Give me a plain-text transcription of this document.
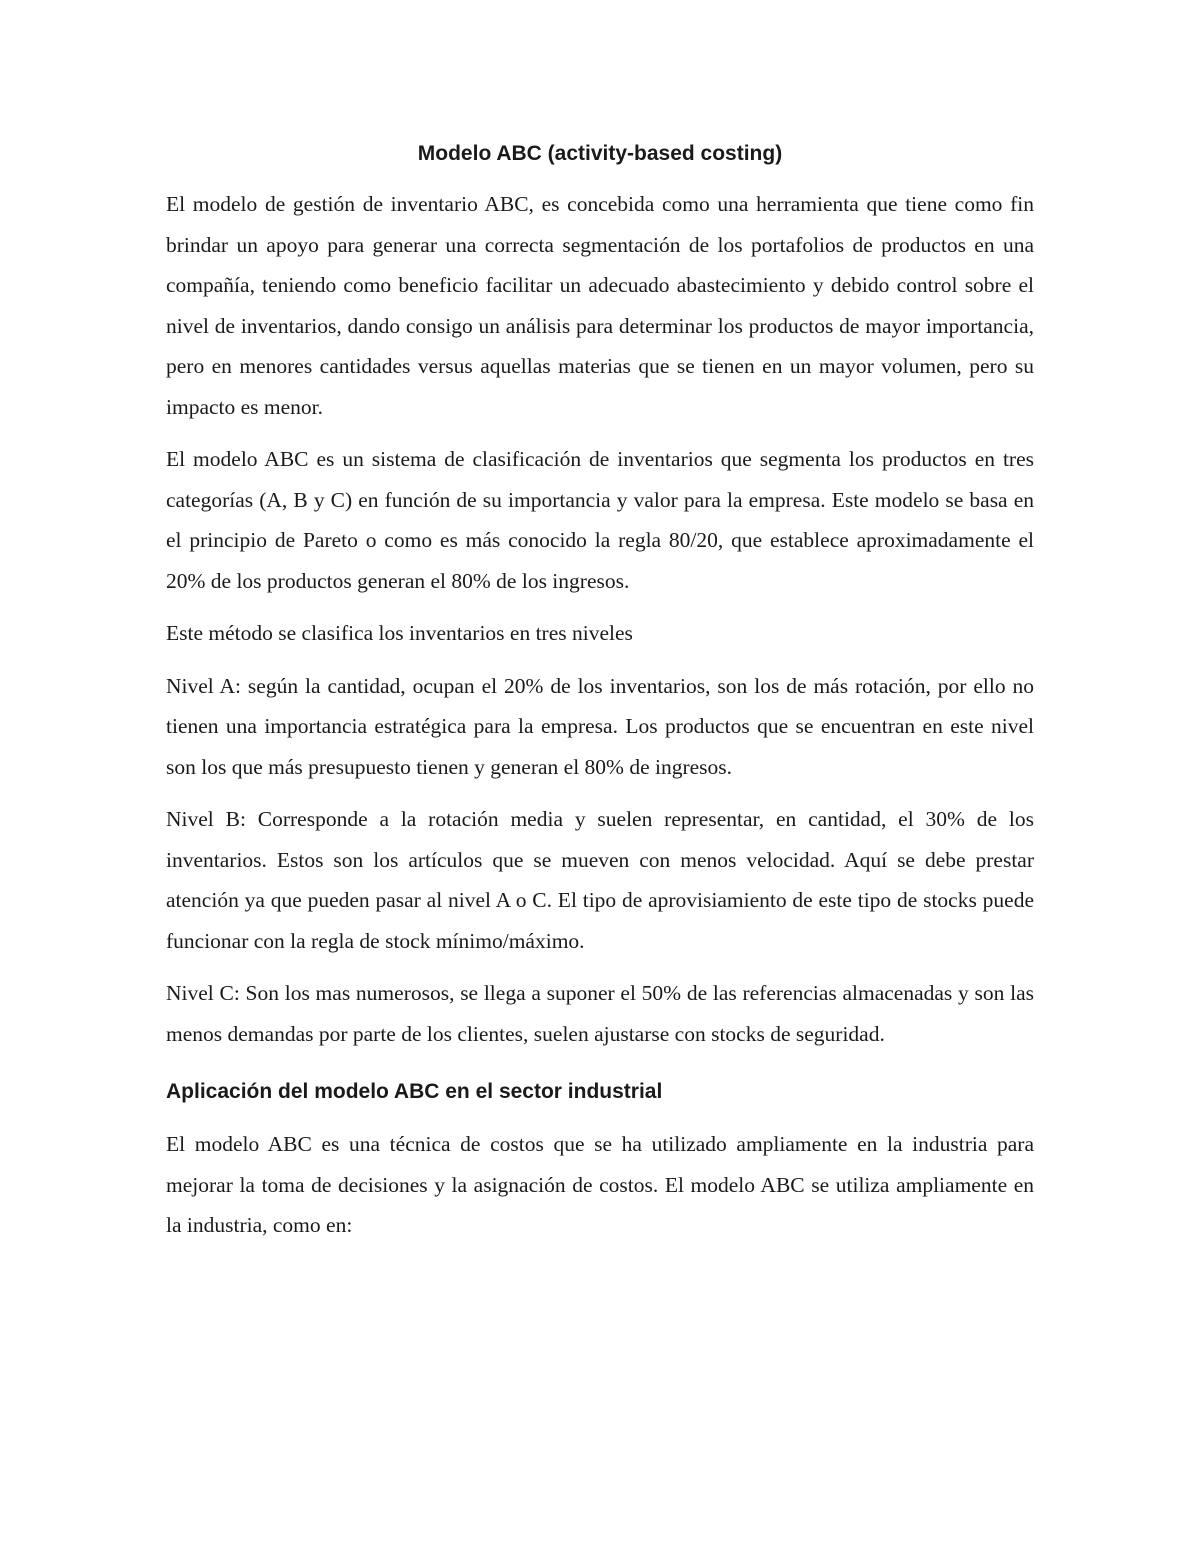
Modelo ABC (activity-based costing)

El modelo de gestión de inventario ABC, es concebida como una herramienta que tiene como fin brindar un apoyo para generar una correcta segmentación de los portafolios de productos en una compañía, teniendo como beneficio facilitar un adecuado abastecimiento y debido control sobre el nivel de inventarios, dando consigo un análisis para determinar los productos de mayor importancia, pero en menores cantidades versus aquellas materias que se tienen en un mayor volumen, pero su impacto es menor.

El modelo ABC es un sistema de clasificación de inventarios que segmenta los productos en tres categorías (A, B y C) en función de su importancia y valor para la empresa. Este modelo se basa en el principio de Pareto o como es más conocido la regla 80/20, que establece aproximadamente el 20% de los productos generan el 80% de los ingresos.

Este método se clasifica los inventarios en tres niveles

Nivel A: según la cantidad, ocupan el 20% de los inventarios, son los de más rotación, por ello no tienen una importancia estratégica para la empresa. Los productos que se encuentran en este nivel son los que más presupuesto tienen y generan el 80% de ingresos.

Nivel B: Corresponde a la rotación media y suelen representar, en cantidad, el 30% de los inventarios. Estos son los artículos que se mueven con menos velocidad. Aquí se debe prestar atención ya que pueden pasar al nivel A o C. El tipo de aprovisiamiento de este tipo de stocks puede funcionar con la regla de stock mínimo/máximo.

Nivel C: Son los mas numerosos, se llega a suponer el 50% de las referencias almacenadas y son las menos demandas por parte de los clientes, suelen ajustarse con stocks de seguridad.

Aplicación del modelo ABC en el sector industrial

El modelo ABC es una técnica de costos que se ha utilizado ampliamente en la industria para mejorar la toma de decisiones y la asignación de costos. El modelo ABC se utiliza ampliamente en la industria, como en:
